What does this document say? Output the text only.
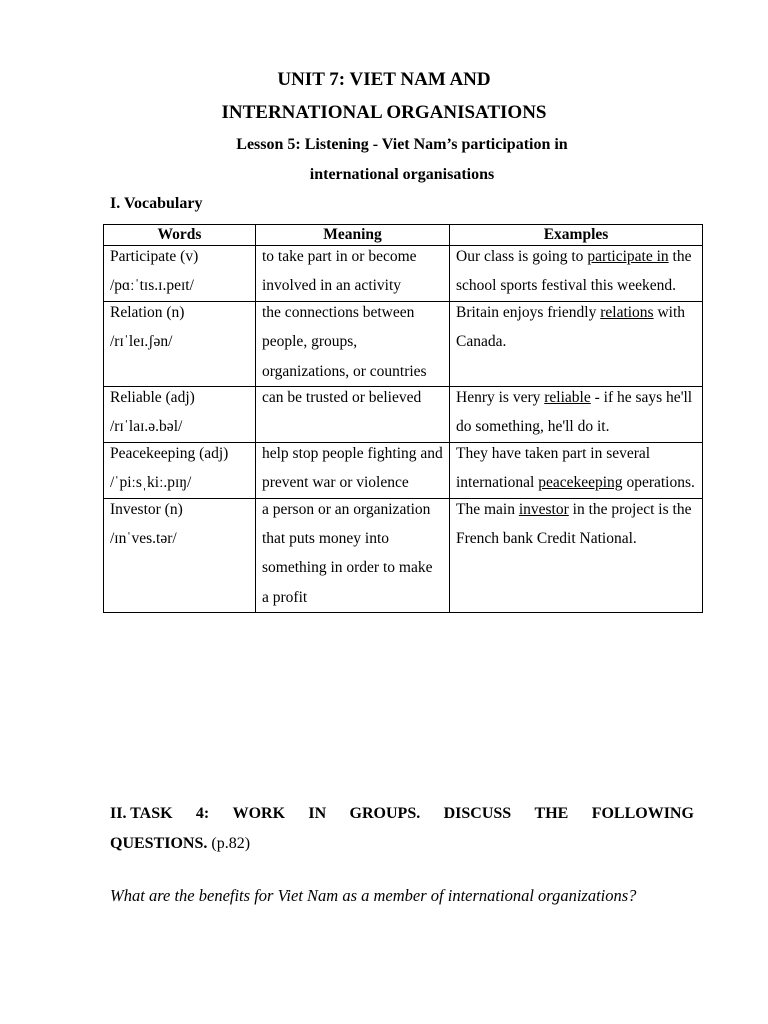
UNIT 7: VIET NAM AND
INTERNATIONAL ORGANISATIONS
Lesson 5: Listening - Viet Nam’s participation in
international organisations
I. Vocabulary
Words	Meaning	Examples

Participate (v)
/pɑːˈtɪs.ɪ.peɪt/	to take part in or become involved in an activity	Our class is going to participate in the school sports festival this weekend.

Relation (n)
/rɪˈleɪ.ʃən/	the connections between people, groups, organizations, or countries	Britain enjoys friendly relations with Canada.

Reliable (adj)
/rɪˈlaɪ.ə.bəl/	can be trusted or believed	Henry is very reliable - if he says he'll do something, he'll do it.

Peacekeeping (adj)
/ˈpiːsˌkiː.pɪŋ/	help stop people fighting and prevent war or violence	They have taken part in several international peacekeeping operations.

Investor (n)
/ɪnˈves.tər/	a person or an organization that puts money into something in order to make a profit	The main investor in the project is the French bank Credit National.
II. TASK 4: WORK IN GROUPS. DISCUSS THE FOLLOWING
QUESTIONS. (p.82)
What are the benefits for Viet Nam as a member of international organizations?
